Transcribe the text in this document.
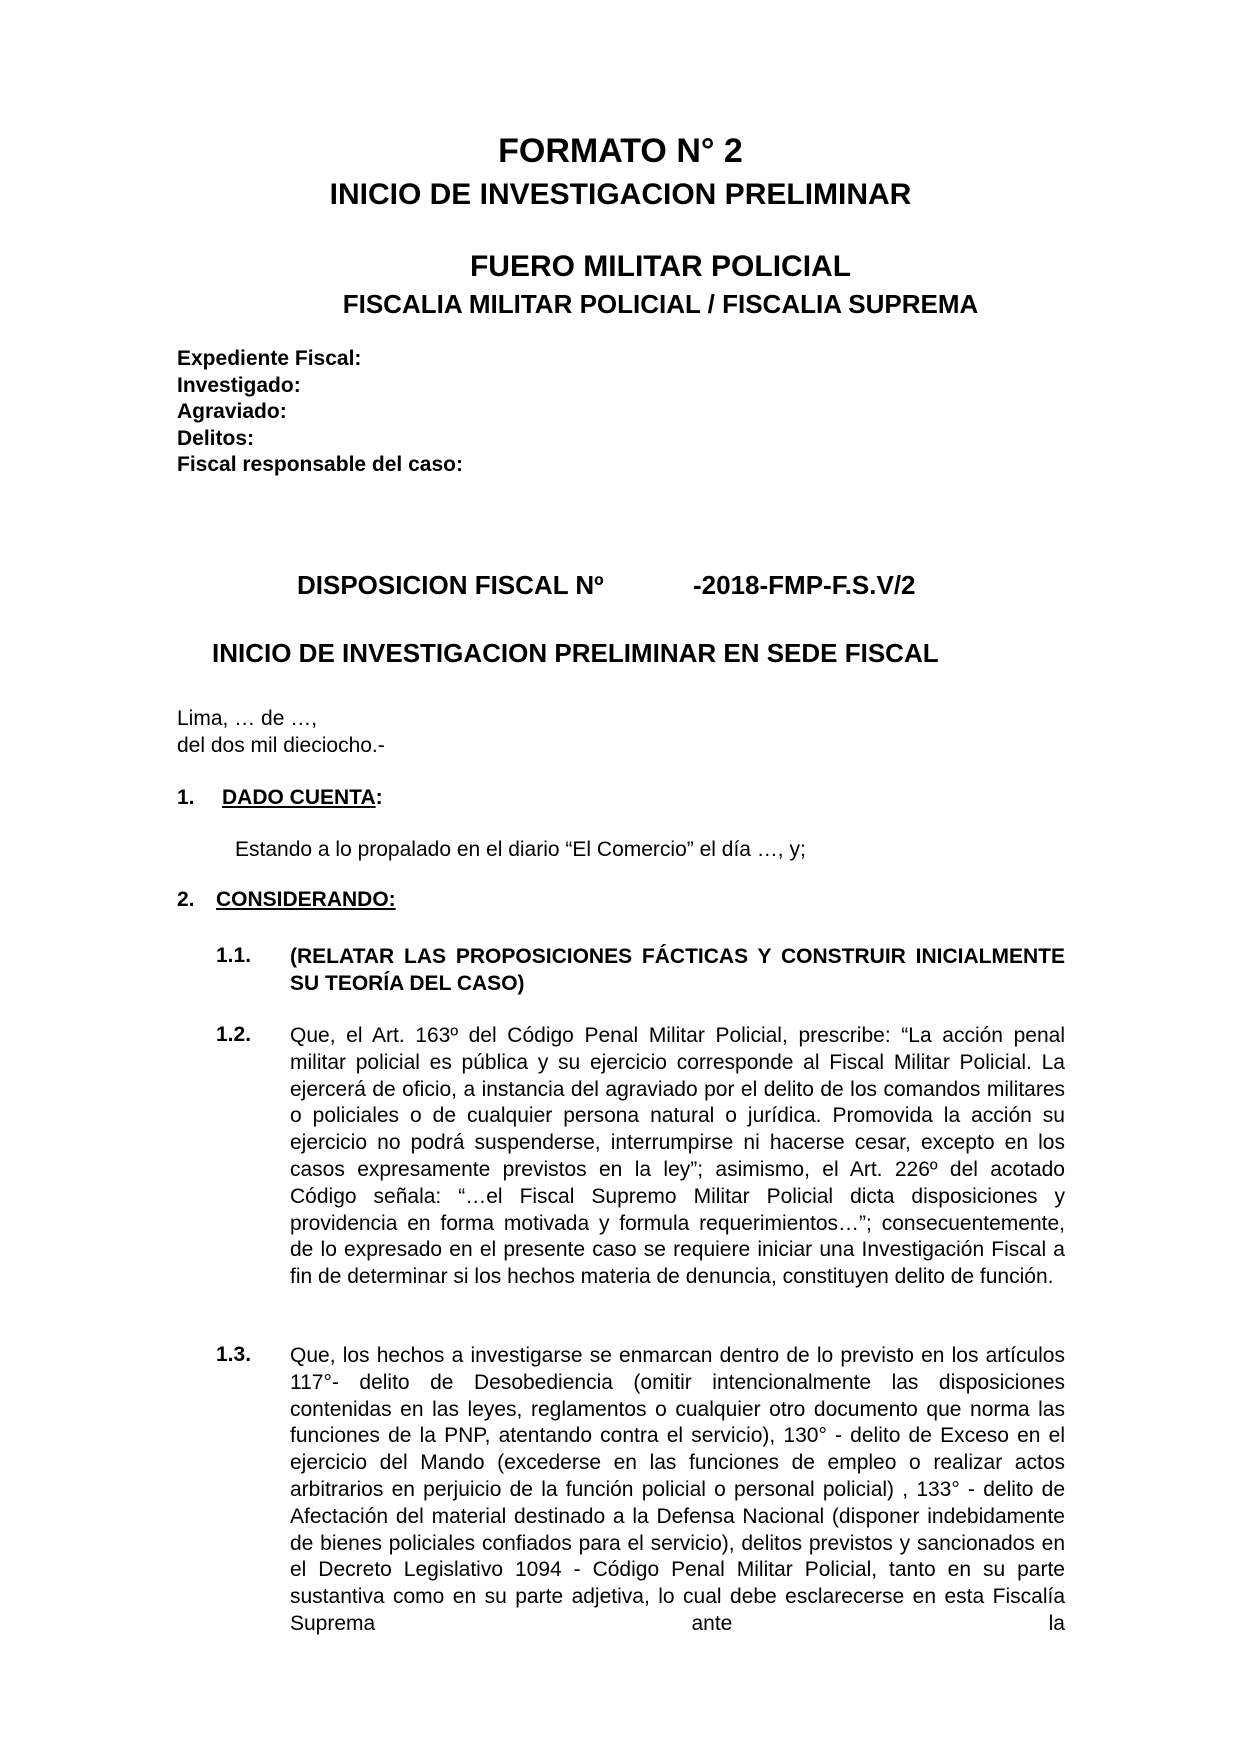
FORMATO N° 2
INICIO DE INVESTIGACION PRELIMINAR
FUERO MILITAR POLICIAL
FISCALIA MILITAR POLICIAL / FISCALIA SUPREMA
Expediente Fiscal:
Investigado:
Agraviado:
Delitos:
Fiscal responsable del caso:
DISPOSICION FISCAL Nº	-2018-FMP-F.S.V/2
INICIO DE INVESTIGACION PRELIMINAR EN SEDE FISCAL
Lima, … de …,
del dos mil dieciocho.-
1. DADO CUENTA:
Estando a lo propalado en el diario “El Comercio” el día …, y;
2. CONSIDERANDO:
1.1. (RELATAR LAS PROPOSICIONES FÁCTICAS Y CONSTRUIR INICIALMENTE SU TEORÍA DEL CASO)
1.2. Que, el Art. 163º del Código Penal Militar Policial, prescribe: “La acción penal militar policial es pública y su ejercicio corresponde al Fiscal Militar Policial. La ejercerá de oficio, a instancia del agraviado por el delito de los comandos militares o policiales o de cualquier persona natural o jurídica. Promovida la acción su ejercicio no podrá suspenderse, interrumpirse ni hacerse cesar, excepto en los casos expresamente previstos en la ley”; asimismo, el Art. 226º del acotado Código señala: “…el Fiscal Supremo Militar Policial dicta disposiciones y providencia en forma motivada y formula requerimientos…”; consecuentemente, de lo expresado en el presente caso se requiere iniciar una Investigación Fiscal a fin de determinar si los hechos materia de denuncia, constituyen delito de función.
1.3. Que, los hechos a investigarse se enmarcan dentro de lo previsto en los artículos 117°- delito de Desobediencia (omitir intencionalmente las disposiciones contenidas en las leyes, reglamentos o cualquier otro documento que norma las funciones de la PNP, atentando contra el servicio), 130° - delito de Exceso en el ejercicio del Mando (excederse en las funciones de empleo o realizar actos arbitrarios en perjuicio de la función policial o personal policial) , 133° - delito de Afectación del material destinado a la Defensa Nacional (disponer indebidamente de bienes policiales confiados para el servicio), delitos previstos y sancionados en el Decreto Legislativo 1094 - Código Penal Militar Policial, tanto en su parte sustantiva como en su parte adjetiva, lo cual debe esclarecerse en esta Fiscalía Suprema ante la
